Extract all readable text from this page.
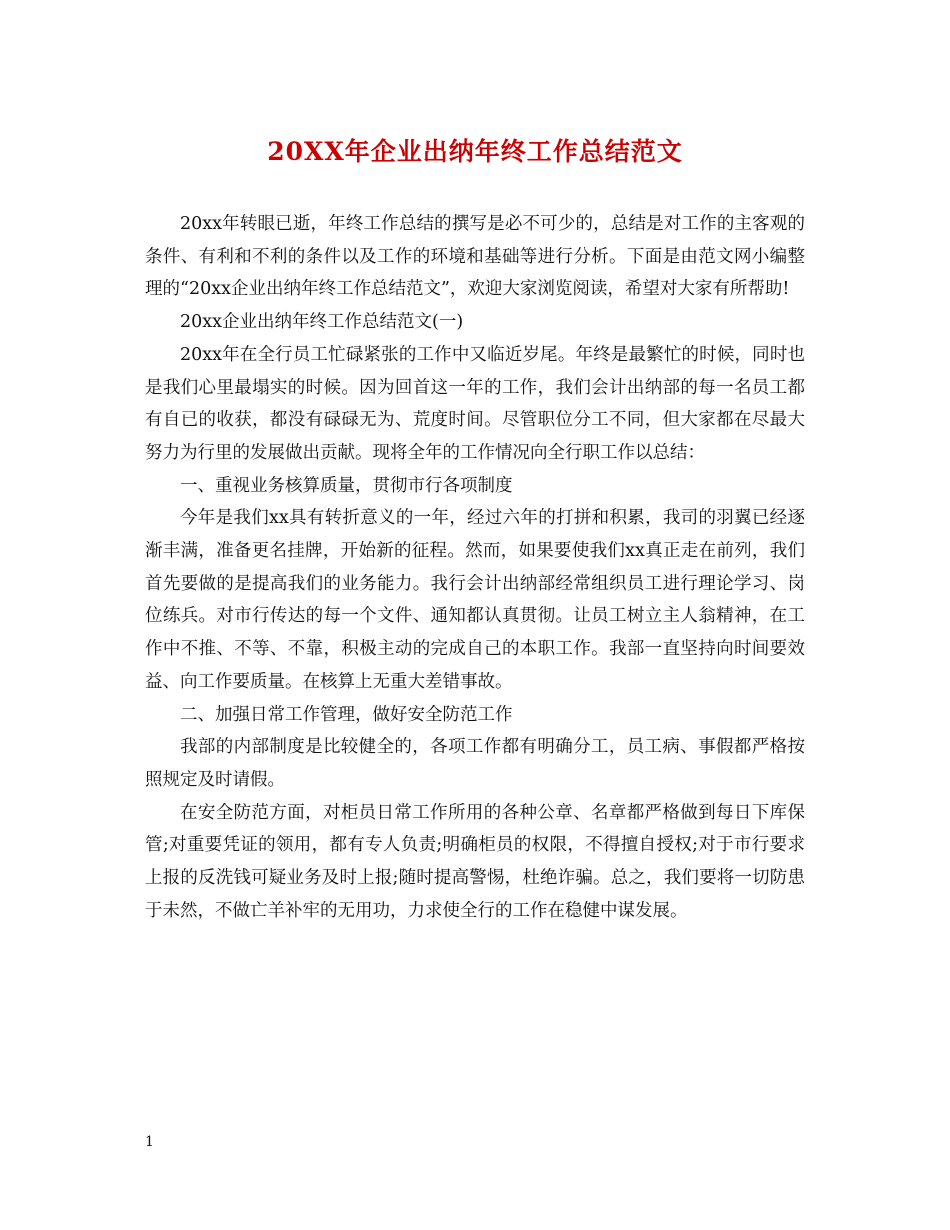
20XX年企业出纳年终工作总结范文

20xx年转眼已逝，年终工作总结的撰写是必不可少的，总结是对工作的主客观的条件、有利和不利的条件以及工作的环境和基础等进行分析。下面是由范文网小编整理的“20xx企业出纳年终工作总结范文”，欢迎大家浏览阅读，希望对大家有所帮助!

20xx企业出纳年终工作总结范文(一)

20xx年在全行员工忙碌紧张的工作中又临近岁尾。年终是最繁忙的时候，同时也是我们心里最塌实的时候。因为回首这一年的工作，我们会计出纳部的每一名员工都有自已的收获，都没有碌碌无为、荒度时间。尽管职位分工不同，但大家都在尽最大努力为行里的发展做出贡献。现将全年的工作情况向全行职工作以总结：

一、重视业务核算质量，贯彻市行各项制度

今年是我们xx具有转折意义的一年，经过六年的打拼和积累，我司的羽翼已经逐渐丰满，准备更名挂牌，开始新的征程。然而，如果要使我们xx真正走在前列，我们首先要做的是提高我们的业务能力。我行会计出纳部经常组织员工进行理论学习、岗位练兵。对市行传达的每一个文件、通知都认真贯彻。让员工树立主人翁精神，在工作中不推、不等、不靠，积极主动的完成自己的本职工作。我部一直坚持向时间要效益、向工作要质量。在核算上无重大差错事故。

二、加强日常工作管理，做好安全防范工作

我部的内部制度是比较健全的，各项工作都有明确分工，员工病、事假都严格按照规定及时请假。

在安全防范方面，对柜员日常工作所用的各种公章、名章都严格做到每日下库保管;对重要凭证的领用，都有专人负责;明确柜员的权限，不得擅自授权;对于市行要求上报的反洗钱可疑业务及时上报;随时提高警惕，杜绝诈骗。总之，我们要将一切防患于未然，不做亡羊补牢的无用功，力求使全行的工作在稳健中谋发展。

1
